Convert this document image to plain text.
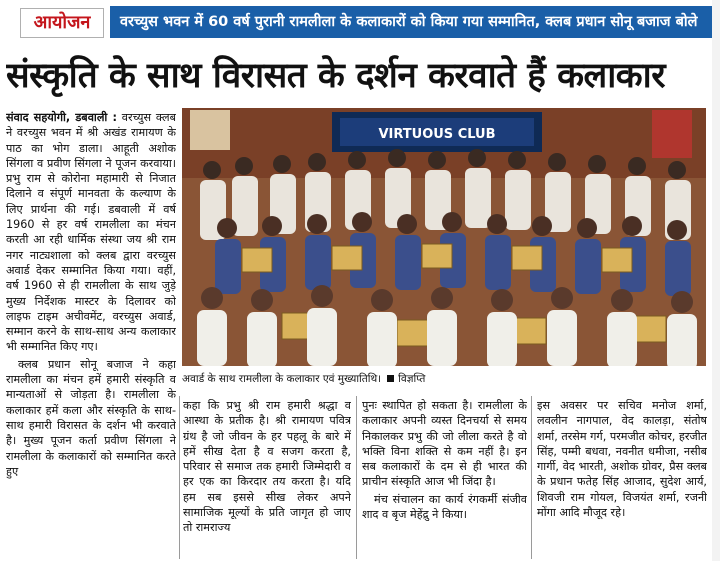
आयोजन	वरच्युस भवन में 60 वर्ष पुरानी रामलीला के कलाकारों को किया गया सम्मानित, क्लब प्रधान सोनू बजाज बोले
संस्कृति के साथ विरासत के दर्शन करवाते हैं कलाकार

संवाद सहयोगी, डबवाली : वरच्युस क्लब ने वरच्युस भवन में श्री अखंड रामायण के पाठ का भोग डाला। आहूती अशोक सिंगला व प्रवीण सिंगला ने पूजन करवाया। प्रभु राम से कोरोना महामारी से निजात दिलाने व संपूर्ण मानवता के कल्याण के लिए प्रार्थना की गई। डबवाली में वर्ष 1960 से हर वर्ष रामलीला का मंचन करती आ रही धार्मिक संस्था जय श्री राम नगर नाट्यशाला को क्लब द्वारा वरच्युस अवार्ड देकर सम्मानित किया गया। वहीं, वर्ष 1960 से ही रामलीला के साथ जुड़े मुख्य निर्देशक मास्टर के दिलावर को लाइफ टाइम अचीवमेंट, वरच्युस अवार्ड, सम्मान करने के साथ-साथ अन्य कलाकार भी सम्मानित किए गए।

क्लब प्रधान सोनू बजाज ने कहा रामलीला का मंचन हमें हमारी संस्कृति व मान्यताओं से जोड़ता है। रामलीला के कलाकार हमें कला और संस्कृति के साथ-साथ हमारी विरासत के दर्शन भी करवाते है। मुख्य पूजन कर्ता प्रवीण सिंगला ने रामलीला के कलाकारों को सम्मानित करते हुए

VIRTUOUS CLUB
अवार्ड के साथ रामलीला के कलाकार एवं मुख्यातिथि। विज्ञप्ति

कहा कि प्रभु श्री राम हमारी श्रद्धा व आस्था के प्रतीक है। श्री रामायण पवित्र ग्रंथ है जो जीवन के हर पहलू के बारे में हमें सीख देता है व सजग करता है, परिवार से समाज तक हमारी जिम्मेदारी व हर एक का किरदार तय करता है। यदि हम सब इससे सीख लेकर अपने सामाजिक मूल्यों के प्रति जागृत हो जाए तो रामराज्य

पुनः स्थापित हो सकता है। रामलीला के कलाकार अपनी व्यस्त दिनचर्या से समय निकालकर प्रभु की जो लीला करते है वो भक्ति विना शक्ति से कम नहीं है। इन सब कलाकारों के दम से ही भारत की प्राचीन संस्कृति आज भी जिंदा है।

मंच संचालन का कार्य रंगकर्मी संजीव शाद व बृज मेहेंद्रु ने किया।

इस अवसर पर सचिव मनोज शर्मा, लवलीन नागपाल, वेद कालड़ा, संतोष शर्मा, तरसेम गर्ग, परमजीत कोचर, हरजीत सिंह, पम्मी बधवा, नवनीत धमीजा, नसीब गार्गी, वेद भारती, अशोक ग्रोवर, प्रैस क्लब के प्रधान फतेह सिंह आजाद, सुदेश आर्य, शिवजी राम गोयल, विजयंत शर्मा, रजनी मोंगा आदि मौजूद रहे।
